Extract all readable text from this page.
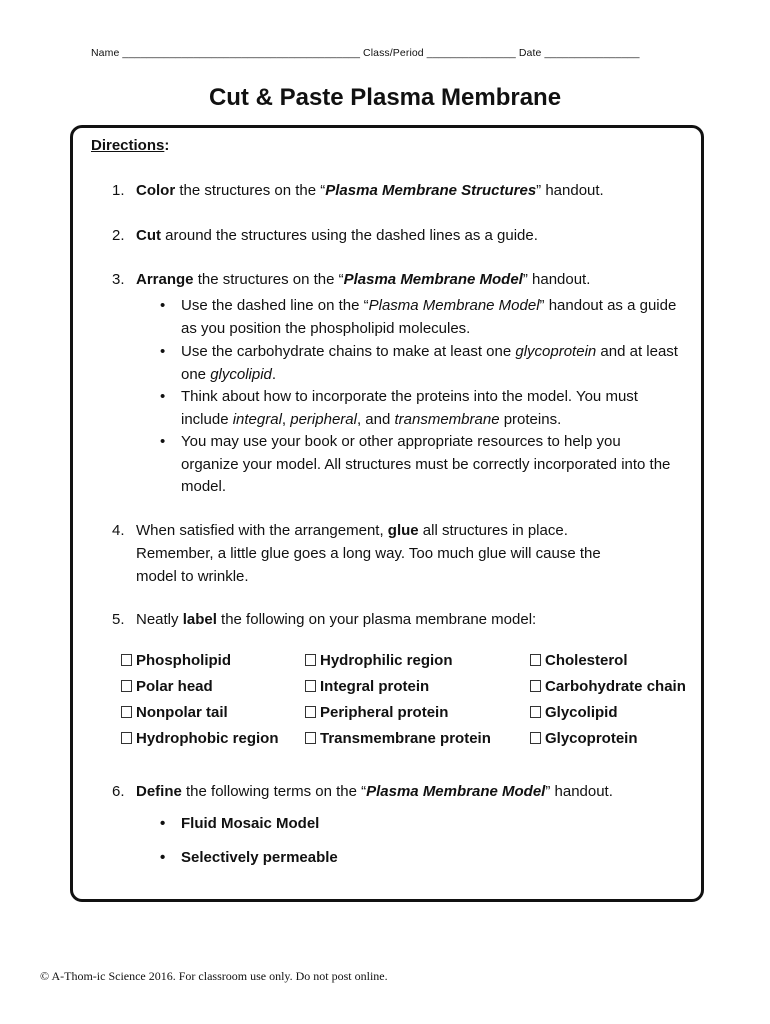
Name ________________________________________ Class/Period _______________ Date ________________
Cut & Paste Plasma Membrane
Directions:
1. Color the structures on the “Plasma Membrane Structures” handout.
2. Cut around the structures using the dashed lines as a guide.
3. Arrange the structures on the “Plasma Membrane Model” handout.
• Use the dashed line on the “Plasma Membrane Model” handout as a guide as you position the phospholipid molecules.
• Use the carbohydrate chains to make at least one glycoprotein and at least one glycolipid.
• Think about how to incorporate the proteins into the model. You must include integral, peripheral, and transmembrane proteins.
• You may use your book or other appropriate resources to help you organize your model. All structures must be correctly incorporated into the model.
4. When satisfied with the arrangement, glue all structures in place. Remember, a little glue goes a long way. Too much glue will cause the model to wrinkle.
5. Neatly label the following on your plasma membrane model:
Phospholipid
Polar head
Nonpolar tail
Hydrophobic region
Hydrophilic region
Integral protein
Peripheral protein
Transmembrane protein
Cholesterol
Carbohydrate chain
Glycolipid
Glycoprotein
6. Define the following terms on the “Plasma Membrane Model” handout.
• Fluid Mosaic Model
• Selectively permeable
© A-Thom-ic Science 2016. For classroom use only. Do not post online.
